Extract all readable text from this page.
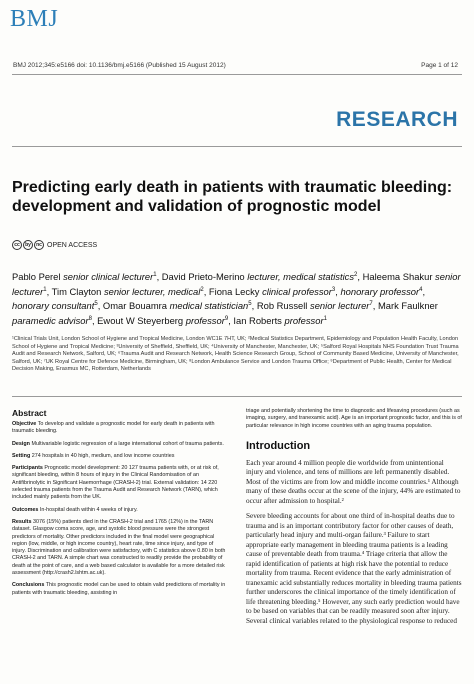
BMJ
BMJ 2012;345:e5166 doi: 10.1136/bmj.e5166 (Published 15 August 2012)	Page 1 of 12
RESEARCH
Predicting early death in patients with traumatic bleeding: development and validation of prognostic model
cc	by	nc OPEN ACCESS
Pablo Perel senior clinical lecturer$^1$, David Prieto-Merino lecturer, medical statistics$^2$, Haleema Shakur senior lecturer$^1$, Tim Clayton senior lecturer, medical$^2$, Fiona Lecky clinical professor$^3$, honorary professor$^4$, honorary consultant$^5$, Omar Bouamra medical statistician$^5$, Rob Russell senior lecturer$^7$, Mark Faulkner paramedic advisor$^8$, Ewout W Steyerberg professor$^9$, Ian Roberts professor$^1$
¹Clinical Trials Unit, London School of Hygiene and Tropical Medicine, London WC1E 7HT, UK; ²Medical Statistics Department, Epidemiology and Population Health Faculty, London School of Hygiene and Tropical Medicine; ³University of Sheffield, Sheffield, UK; ⁴University of Manchester, Manchester, UK; ⁵Salford Royal Hospitals NHS Foundation Trust Trauma Audit and Research Network, Salford, UK; ⁶Trauma Audit and Research Network, Health Science Research Group, School of Community Based Medicine, University of Manchester, Salford, UK; ⁷UK Royal Centre for Defence Medicine, Birmingham, UK; ⁸London Ambulance Service and London Trauma Office; ⁹Department of Public Health, Center for Medical Decision Making, Erasmus MC, Rotterdam, Netherlands
Abstract

Objective To develop and validate a prognostic model for early death in patients with traumatic bleeding.

Design Multivariable logistic regression of a large international cohort of trauma patients.

Setting 274 hospitals in 40 high, medium, and low income countries

Participants Prognostic model development: 20 127 trauma patients with, or at risk of, significant bleeding, within 8 hours of injury in the Clinical Randomisation of an Antifibrinolytic in Significant Haemorrhage (CRASH-2) trial. External validation: 14 220 selected trauma patients from the Trauma Audit and Research Network (TARN), which included mainly patients from the UK.

Outcomes In-hospital death within 4 weeks of injury.

Results 3076 (15%) patients died in the CRASH-2 trial and 1765 (12%) in the TARN dataset. Glasgow coma score, age, and systolic blood pressure were the strongest predictors of mortality. Other predictors included in the final model were geographical region (low, middle, or high income country), heart rate, time since injury, and type of injury. Discrimination and calibration were satisfactory, with C statistics above 0.80 in both CRASH-2 and TARN. A simple chart was constructed to readily provide the probability of death at the point of care, and a web based calculator is available for a more detailed risk assessment (http://crash2.lshtm.ac.uk).

Conclusions This prognostic model can be used to obtain valid predictions of mortality in patients with traumatic bleeding, assisting in

triage and potentially shortening the time to diagnostic and lifesaving procedures (such as imaging, surgery, and tranexamic acid). Age is an important prognostic factor, and this is of particular relevance in high income countries with an aging trauma population.

Introduction

Each year around 4 million people die worldwide from unintentional injury and violence, and tens of millions are left permanently disabled. Most of the victims are from low and middle income countries.¹ Although many of these deaths occur at the scene of the injury, 44% are estimated to occur after admission to hospital.²

Severe bleeding accounts for about one third of in-hospital deaths due to trauma and is an important contributory factor for other causes of death, particularly head injury and multi-organ failure.³ Failure to start appropriate early management in bleeding trauma patients is a leading cause of preventable death from trauma.⁴ Triage criteria that allow the rapid identification of patients at high risk have the potential to reduce mortality from trauma. Recent evidence that the early administration of tranexamic acid substantially reduces mortality in bleeding trauma patients further underscores the clinical importance of the timely identification of life threatening bleeding.⁵ However, any such early prediction would have to be based on variables that can be readily measured soon after injury. Several clinical variables related to the physiological response to reduced
